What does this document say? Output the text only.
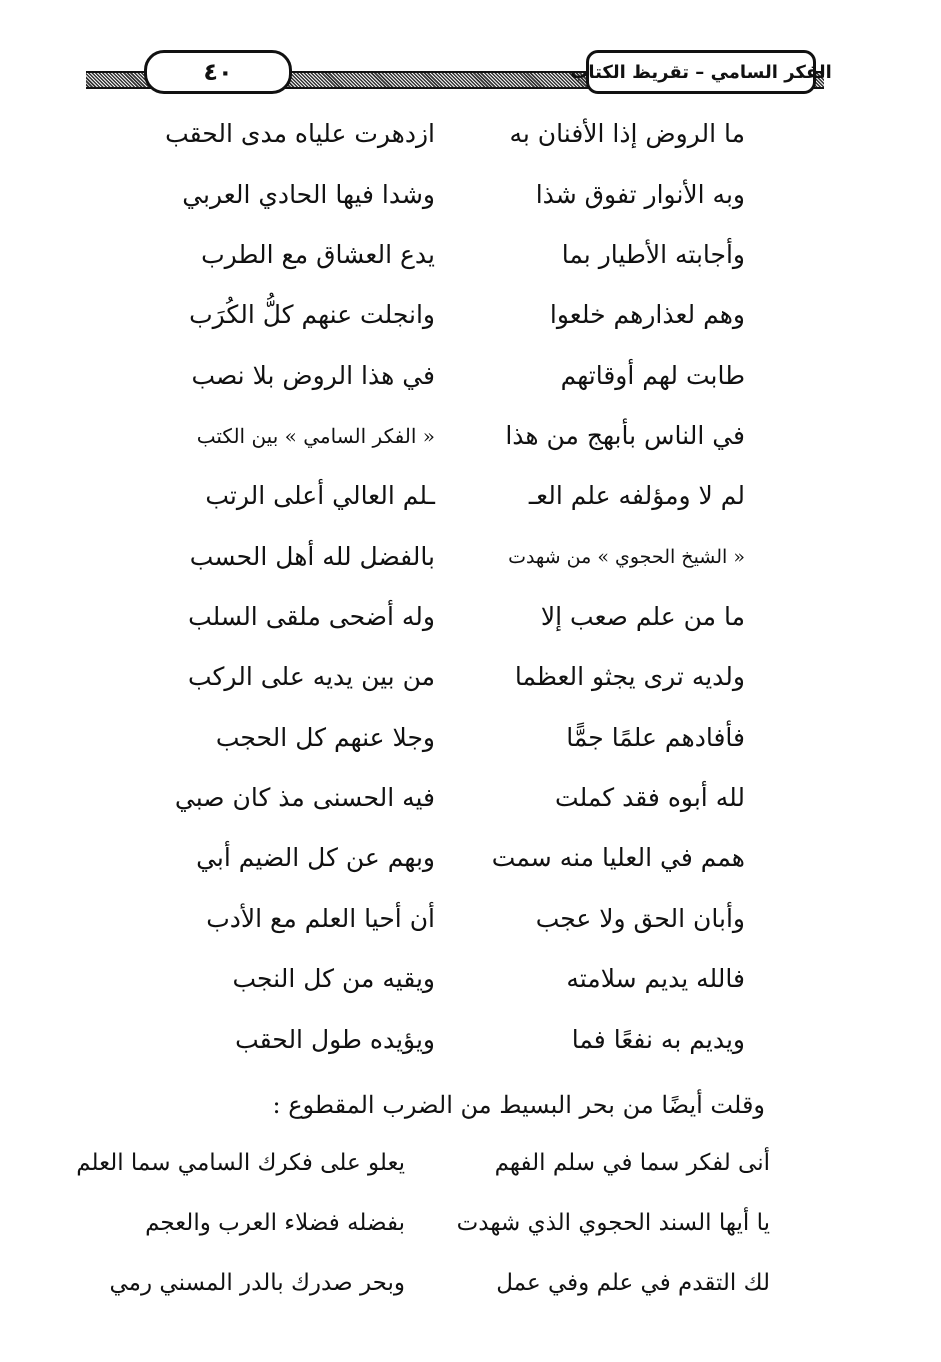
٤٠	الفكر السامي – تقريظ الكتاب
ما الروض إذا الأفنان به
ازدهرت علياه مدى الحقب
وبه الأنوار تفوق شذا
وشدا فيها الحادي العربي
وأجابته الأطيار بما
يدع العشاق مع الطرب
وهم لعذارهم خلعوا
وانجلت عنهم كلُّ الكُرَب
طابت لهم أوقاتهم
في هذا الروض بلا نصب
في الناس بأبهج من هذا
« الفكر السامي » بين الكتب
لم لا ومؤلفه علم العـ
ـلم العالي أعلى الرتب
« الشيخ الحجوي » من شهدت
بالفضل لله أهل الحسب
ما من علم صعب إلا
وله أضحى ملقى السلب
ولديه ترى يجثو العظما
من بين يديه على الركب
فأفادهم علمًا جمًّا
وجلا عنهم كل الحجب
لله أبوه فقد كملت
فيه الحسنى مذ كان صبي
همم في العليا منه سمت
وبهم عن كل الضيم أبي
وأبان الحق ولا عجب
أن أحيا العلم مع الأدب
فالله يديم سلامته
ويقيه من كل النجب
ويديم به نفعًا فما
ويؤيده طول الحقب
وقلت أيضًا من بحر البسيط من الضرب المقطوع :
أنى لفكر سما في سلم الفهم
يعلو على فكرك السامي سما العلم
يا أيها السند الحجوي الذي شهدت
بفضله فضلاء العرب والعجم
لك التقدم في علم وفي عمل
وبحر صدرك بالدر المسني رمي
